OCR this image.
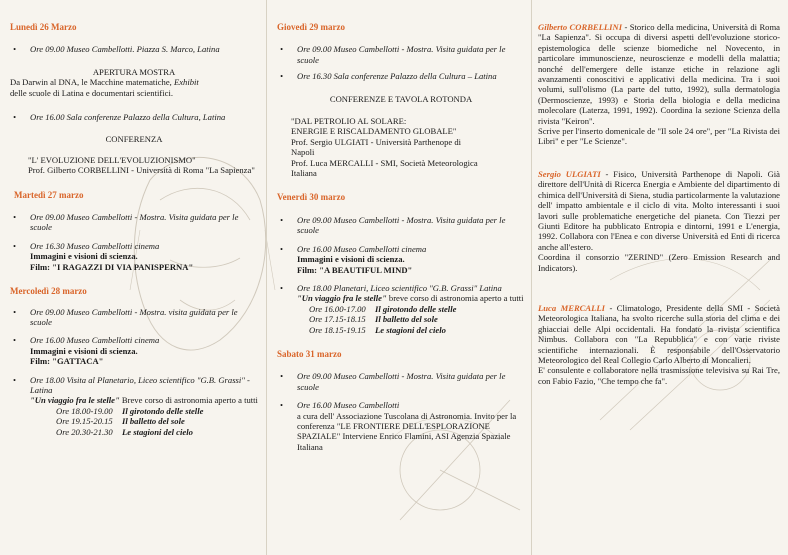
Lunedì 26 Marzo
• Ore 09.00 Museo Cambellotti. Piazza S. Marco, Latina
APERTURA MOSTRA
Da Darwin al DNA, le Macchine matematiche, Exhibit
delle scuole di Latina e documentari scientifici.
• Ore 16.00 Sala conferenze Palazzo della Cultura, Latina
CONFERENZA
"L' EVOLUZIONE DELL'EVOLUZIONISMO"
Prof. Gilberto CORBELLINI - Università di Roma "La Sapienza"
Martedì 27 marzo
• Ore 09.00 Museo Cambellotti - Mostra. Visita guidata per le scuole
• Ore 16.30 Museo Cambellotti cinema
Immagini e visioni di scienza.
Film: "I RAGAZZI DI VIA PANISPERNA"
Mercoledì 28 marzo
• Ore 09.00 Museo Cambellotti - Mostra. visita guidata per le scuole
• Ore 16.00 Museo Cambellotti cinema
Immagini e visioni di scienza.
Film: "GATTACA"
• Ore 18.00 Visita al Planetario, Liceo scientifico "G.B. Grassi" - Latina
"Un viaggio fra le stelle" Breve corso di astronomia aperto a tutti
Ore 18.00-19.00 Il girotondo delle stelle
Ore 19.15-20.15 Il balletto del sole
Ore 20.30-21.30 Le stagioni del cielo
Giovedì 29 marzo
• Ore 09.00 Museo Cambellotti - Mostra. Visita guidata per le scuole
• Ore 16.30 Sala conferenze Palazzo della Cultura – Latina
CONFERENZE E TAVOLA ROTONDA
"DAL PETROLIO AL SOLARE:
ENERGIE E RISCALDAMENTO GLOBALE"
Prof. Sergio ULGIATI - Università Parthenope di Napoli
Prof. Luca MERCALLI - SMI, Società Meteorologica Italiana
Venerdì 30 marzo
• Ore 09.00 Museo Cambellotti - Mostra. Visita guidata per le scuole
• Ore 16.00 Museo Cambellotti cinema
Immagini e visioni di scienza.
Film: "A BEAUTIFUL MIND"
• Ore 18.00 Planetari, Liceo scientifico "G.B. Grassi" Latina
"Un viaggio fra le stelle" breve corso di astronomia aperto a tutti
Ore 16.00-17.00 Il girotondo delle stelle
Ore 17.15-18.15 Il balletto del sole
Ore 18.15-19.15 Le stagioni del cielo
Sabato 31 marzo
• Ore 09.00 Museo Cambellotti - Mostra. Visita guidata per le scuole
• Ore 16.00 Museo Cambellotti
a cura dell' Associazione Tuscolana di Astronomia. Invito per la conferenza "LE FRONTIERE DELL'ESPLORAZIONE SPAZIALE" Interviene Enrico Flamini, ASI Agenzia Spaziale Italiana
Gilberto CORBELLINI - Storico della medicina, Università di Roma "La Sapienza". Si occupa di diversi aspetti dell'evoluzione storico-epistemologica delle scienze biomediche nel Novecento, in particolare immunoscienze, neuroscienze e modelli della malattia; nonché dell'emergere delle istanze etiche in relazione agli avanzamenti conoscitivi e applicativi della medicina. Tra i suoi volumi, sull'olismo (La parte del tutto, 1992), sulla dermatologia (Dermoscienze, 1993) e Storia della biologia e della medicina molecolare (Laterza, 1991, 1992). Coordina la sezione Scienza della rivista "Keiron".
Scrive per l'inserto domenicale de "Il sole 24 ore", per "La Rivista dei Libri" e per "Le Scienze".
Sergio ULGIATI - Fisico, Università Parthenope di Napoli. Già direttore dell'Unità di Ricerca Energia e Ambiente del dipartimento di chimica dell'Università di Siena, studia particolarmente la valutazione dell' impatto ambientale e il ciclo di vita. Molto interessanti i suoi lavori sulle problematiche energetiche del pianeta. Con Tiezzi per Giunti Editore ha pubblicato Entropia e dintorni, 1991 e L'energia, 1992. Collabora con l'Enea e con diverse Università ed Enti di ricerca anche all'estero.
Coordina il consorzio "ZERIND" (Zero Emission Research and Indicators).
Luca MERCALLI - Climatologo, Presidente della SMI - Società Meteorologica Italiana, ha svolto ricerche sulla storia del clima e dei ghiacciai delle Alpi occidentali. Ha fondato la rivista scientifica Nimbus. Collabora con "La Repubblica" e con varie riviste scientifiche internazionali. È responsabile dell'Osservatorio Meteorologico del Real Collegio Carlo Alberto di Moncalieri.
E' consulente e collaboratore nella trasmissione televisiva su Rai Tre, con Fabio Fazio, "Che tempo che fa".
